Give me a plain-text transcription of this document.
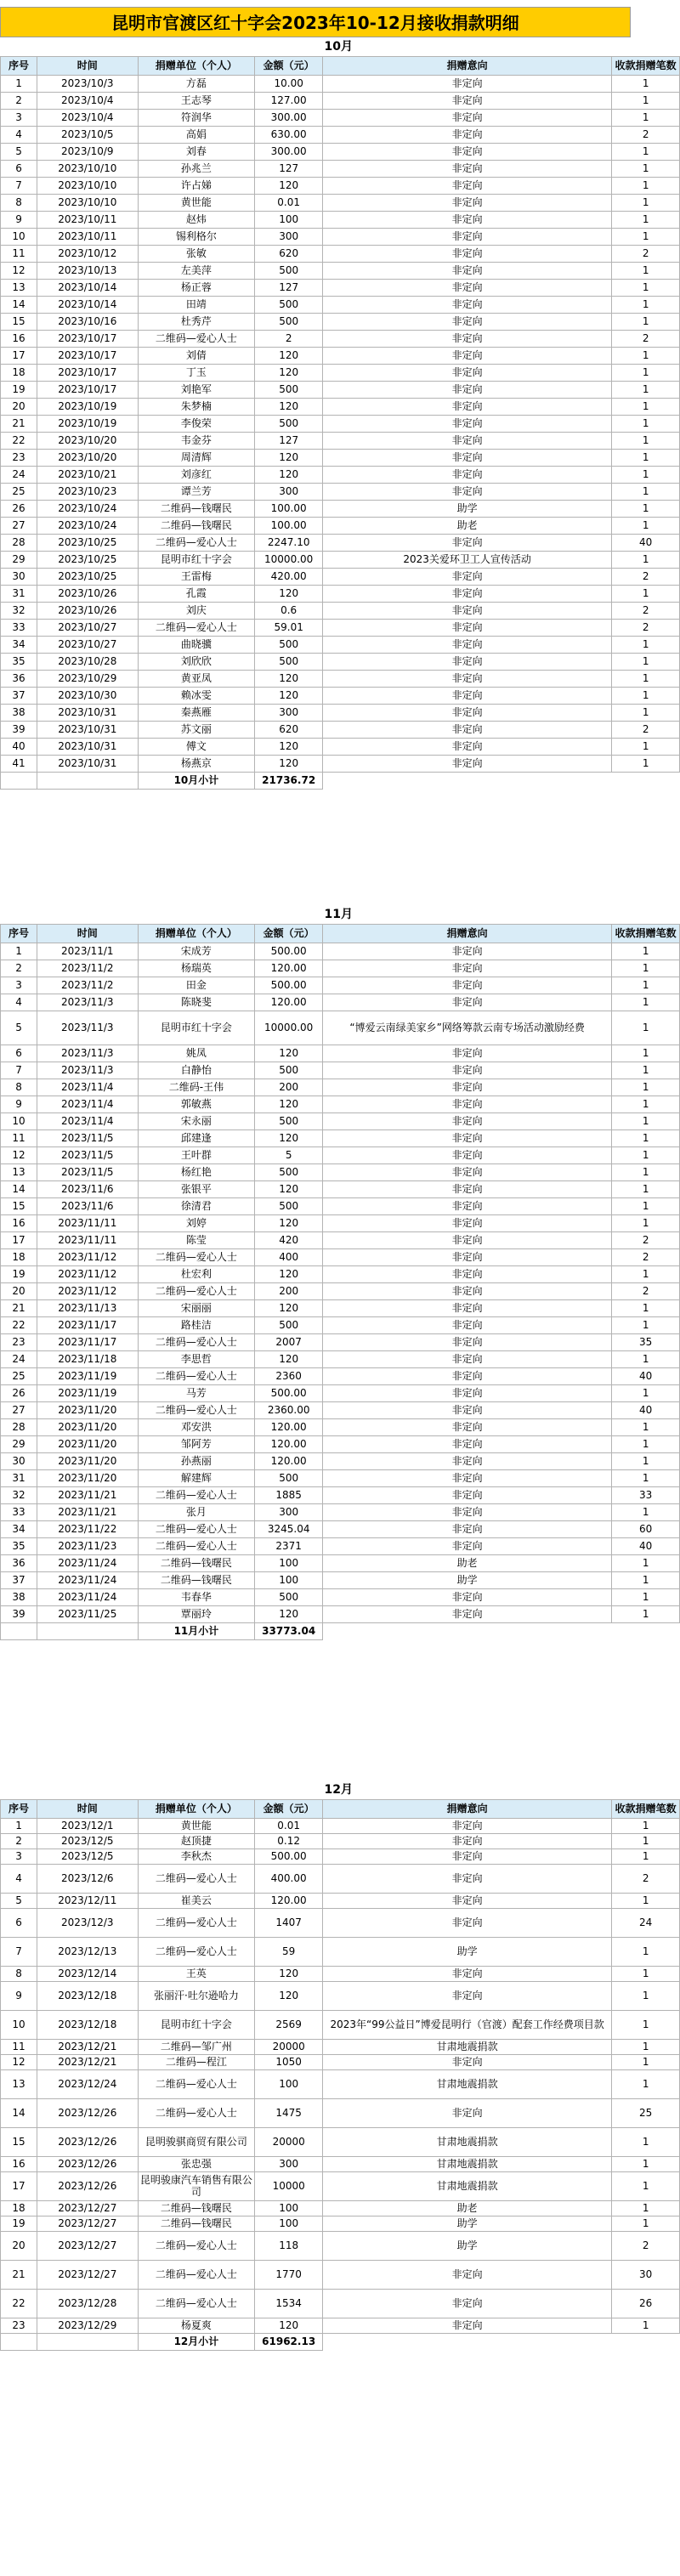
昆明市官渡区红十字会2023年10-12月接收捐款明细
				10月	
序号	时间	捐赠单位（个人）	金额（元）	捐赠意向	收款捐赠笔数
1	2023/10/3	方磊	10.00	非定向	1
2	2023/10/4	王志琴	127.00	非定向	1
3	2023/10/4	符润华	300.00	非定向	1
4	2023/10/5	高娟	630.00	非定向	2
5	2023/10/9	刘春	300.00	非定向	1
6	2023/10/10	孙兆兰	127	非定向	1
7	2023/10/10	许占娣	120	非定向	1
8	2023/10/10	黄世能	0.01	非定向	1
9	2023/10/11	赵炜	100	非定向	1
10	2023/10/11	锡利格尔	300	非定向	1
11	2023/10/12	张敏	620	非定向	2
12	2023/10/13	左美萍	500	非定向	1
13	2023/10/14	杨正蓉	127	非定向	1
14	2023/10/14	田靖	500	非定向	1
15	2023/10/16	杜秀芹	500	非定向	1
16	2023/10/17	二维码—爱心人士	2	非定向	2
17	2023/10/17	刘倩	120	非定向	1
18	2023/10/17	丁玉	120	非定向	1
19	2023/10/17	刘艳军	500	非定向	1
20	2023/10/19	朱梦楠	120	非定向	1
21	2023/10/19	李俊荣	500	非定向	1
22	2023/10/20	韦金芬	127	非定向	1
23	2023/10/20	周清辉	120	非定向	1
24	2023/10/21	刘彦红	120	非定向	1
25	2023/10/23	谭兰芳	300	非定向	1
26	2023/10/24	二维码—钱曙民	100.00	助学	1
27	2023/10/24	二维码—钱曙民	100.00	助老	1
28	2023/10/25	二维码—爱心人士	2247.10	非定向	40
29	2023/10/25	昆明市红十字会	10000.00	2023关爱环卫工人宣传活动	1
30	2023/10/25	王雷梅	420.00	非定向	2
31	2023/10/26	孔霞	120	非定向	1
32	2023/10/26	刘庆	0.6	非定向	2
33	2023/10/27	二维码—爱心人士	59.01	非定向	2
34	2023/10/27	曲晓骥	500	非定向	1
35	2023/10/28	刘欣欣	500	非定向	1
36	2023/10/29	黄亚凤	120	非定向	1
37	2023/10/30	赖冰雯	120	非定向	1
38	2023/10/31	秦燕雁	300	非定向	1
39	2023/10/31	苏文丽	620	非定向	2
40	2023/10/31	傅文	120	非定向	1
41	2023/10/31	杨燕京	120	非定向	1
		10月小计	21736.72		
				11月	
序号	时间	捐赠单位（个人）	金额（元）	捐赠意向	收款捐赠笔数
1	2023/11/1	宋成芳	500.00	非定向	1
2	2023/11/2	杨瑞英	120.00	非定向	1
3	2023/11/2	田金	500.00	非定向	1
4	2023/11/3	陈晓斐	120.00	非定向	1
5	2023/11/3	昆明市红十字会	10000.00	“博爱云南绿美家乡”网络筹款云南专场活动激励经费	1
6	2023/11/3	姚凤	120	非定向	1
7	2023/11/3	白静怡	500	非定向	1
8	2023/11/4	二维码-王伟	200	非定向	1
9	2023/11/4	郭敏燕	120	非定向	1
10	2023/11/4	宋永丽	500	非定向	1
11	2023/11/5	邱建逢	120	非定向	1
12	2023/11/5	王叶群	5	非定向	1
13	2023/11/5	杨红艳	500	非定向	1
14	2023/11/6	张银平	120	非定向	1
15	2023/11/6	徐清君	500	非定向	1
16	2023/11/11	刘婷	120	非定向	1
17	2023/11/11	陈莹	420	非定向	2
18	2023/11/12	二维码—爱心人士	400	非定向	2
19	2023/11/12	杜宏利	120	非定向	1
20	2023/11/12	二维码—爱心人士	200	非定向	2
21	2023/11/13	宋丽丽	120	非定向	1
22	2023/11/17	路桂洁	500	非定向	1
23	2023/11/17	二维码—爱心人士	2007	非定向	35
24	2023/11/18	李思哲	120	非定向	1
25	2023/11/19	二维码—爱心人士	2360	非定向	40
26	2023/11/19	马芳	500.00	非定向	1
27	2023/11/20	二维码—爱心人士	2360.00	非定向	40
28	2023/11/20	邓安洪	120.00	非定向	1
29	2023/11/20	邹阿芳	120.00	非定向	1
30	2023/11/20	孙燕丽	120.00	非定向	1
31	2023/11/20	解建辉	500	非定向	1
32	2023/11/21	二维码—爱心人士	1885	非定向	33
33	2023/11/21	张月	300	非定向	1
34	2023/11/22	二维码—爱心人士	3245.04	非定向	60
35	2023/11/23	二维码—爱心人士	2371	非定向	40
36	2023/11/24	二维码—钱曙民	100	助老	1
37	2023/11/24	二维码—钱曙民	100	助学	1
38	2023/11/24	韦春华	500	非定向	1
39	2023/11/25	覃丽玲	120	非定向	1
		11月小计	33773.04		
				12月	
序号	时间	捐赠单位（个人）	金额（元）	捐赠意向	收款捐赠笔数
1	2023/12/1	黄世能	0.01	非定向	1
2	2023/12/5	赵顶捷	0.12	非定向	1
3	2023/12/5	李秋杰	500.00	非定向	1
4	2023/12/6	二维码—爱心人士	400.00	非定向	2
5	2023/12/11	崔美云	120.00	非定向	1
6	2023/12/3	二维码—爱心人士	1407	非定向	24
7	2023/12/13	二维码—爱心人士	59	助学	1
8	2023/12/14	王英	120	非定向	1
9	2023/12/18	张丽汗·吐尔逊哈力	120	非定向	1
10	2023/12/18	昆明市红十字会	2569	2023年“99公益日”博爱昆明行（官渡）配套工作经费项目款	1
11	2023/12/21	二维码—邹广州	20000	甘肃地震捐款	1
12	2023/12/21	二维码—程江	1050	非定向	1
13	2023/12/24	二维码—爱心人士	100	甘肃地震捐款	1
14	2023/12/26	二维码—爱心人士	1475	非定向	25
15	2023/12/26	昆明骏骐商贸有限公司	20000	甘肃地震捐款	1
16	2023/12/26	张忠强	300	甘肃地震捐款	1
17	2023/12/26	昆明骏康汽车销售有限公司	10000	甘肃地震捐款	1
18	2023/12/27	二维码—钱曙民	100	助老	1
19	2023/12/27	二维码—钱曙民	100	助学	1
20	2023/12/27	二维码—爱心人士	118	助学	2
21	2023/12/27	二维码—爱心人士	1770	非定向	30
22	2023/12/28	二维码—爱心人士	1534	非定向	26
23	2023/12/29	杨夏爽	120	非定向	1
		12月小计	61962.13		
